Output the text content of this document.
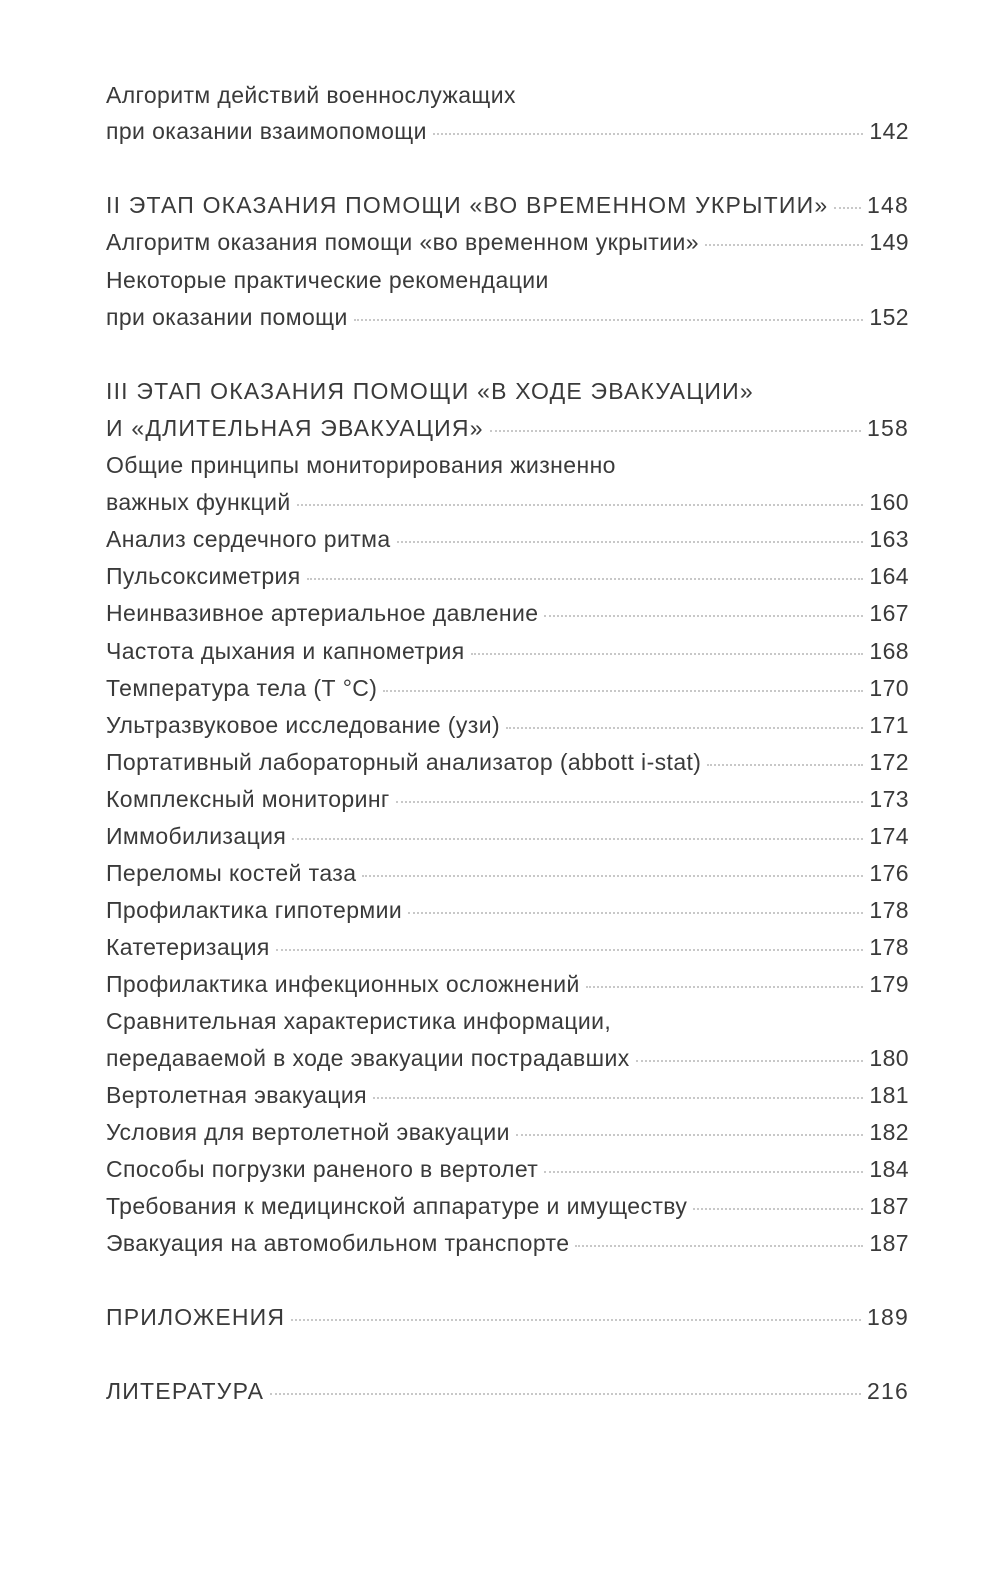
Алгоритм действий военнослужащих
при оказании взаимопомощи	142
II ЭТАП ОКАЗАНИЯ ПОМОЩИ «ВО ВРЕМЕННОМ УКРЫТИИ» 148
Алгоритм оказания помощи «во временном укрытии»	149
Некоторые практические рекомендации
при оказании помощи	152
III ЭТАП ОКАЗАНИЯ ПОМОЩИ «В ХОДЕ ЭВАКУАЦИИ»
И «ДЛИТЕЛЬНАЯ ЭВАКУАЦИЯ»	158
Общие принципы мониторирования жизненно
важных функций	160
Анализ сердечного ритма	163
Пульсоксиметрия	164
Неинвазивное артериальное давление	167
Частота дыхания и капнометрия	168
Температура тела (Т °С)	170
Ультразвуковое исследование (узи)	171
Портативный лабораторный анализатор (abbott i-stat)	172
Комплексный мониторинг	173
Иммобилизация	174
Переломы костей таза	176
Профилактика гипотермии	178
Катетеризация	178
Профилактика инфекционных осложнений	179
Сравнительная характеристика информации,
передаваемой в ходе эвакуации пострадавших	180
Вертолетная эвакуация	181
Условия для вертолетной эвакуации	182
Способы погрузки раненого в вертолет	184
Требования к медицинской аппаратуре и имуществу	187
Эвакуация на автомобильном транспорте	187
ПРИЛОЖЕНИЯ	189
ЛИТЕРАТУРА	216
